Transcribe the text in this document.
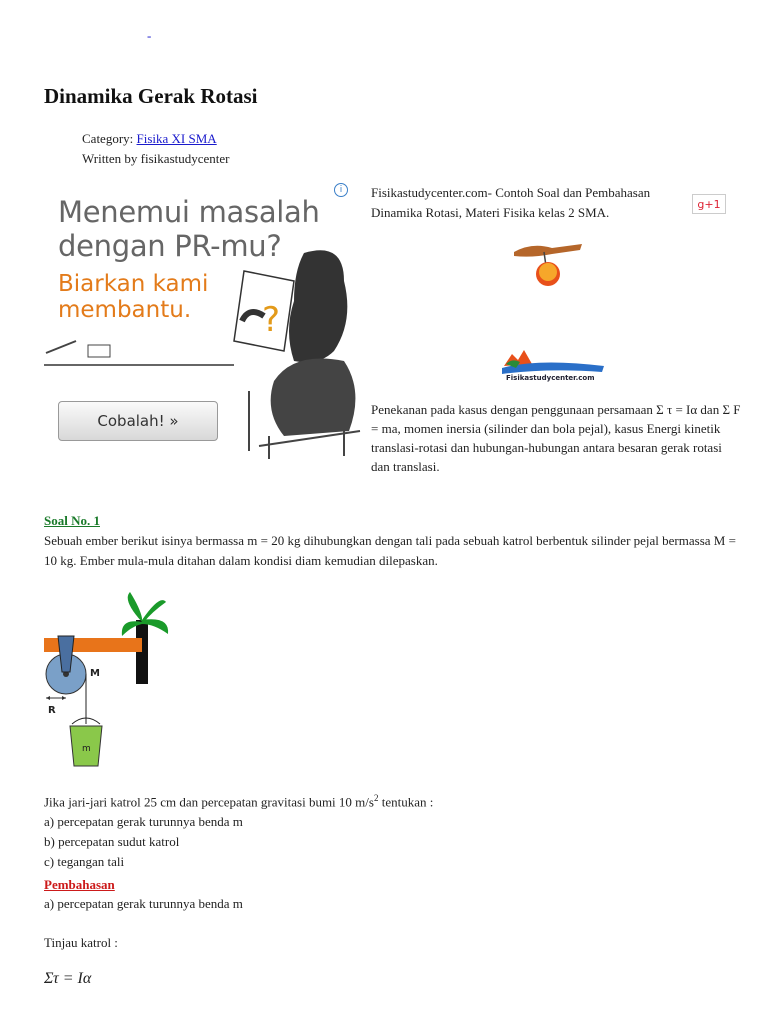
-
Dinamika Gerak Rotasi
Category: Fisika XI SMA
Written by fisikastudycenter
i
Menemui masalah dengan PR-mu?
Biarkan kami membantu.	?
Cobalah! »
Fisikastudycenter.com- Contoh Soal dan Pembahasan Dinamika Rotasi, Materi Fisika kelas 2 SMA.
g+1
Fisikastudycenter.com
Penekanan pada kasus dengan penggunaan persamaan Σ τ = Iα dan Σ F = ma, momen inersia (silinder dan bola pejal), kasus Energi kinetik translasi-rotasi dan hubungan-hubungan antara besaran gerak rotasi dan translasi.
Soal No. 1
Sebuah ember berikut isinya bermassa m = 20 kg dihubungkan dengan tali pada sebuah katrol berbentuk silinder pejal bermassa M = 10 kg. Ember mula-mula ditahan dalam kondisi diam kemudian dilepaskan.
M
R
m
Jika jari-jari katrol 25 cm dan percepatan gravitasi bumi 10 $m/s^2$ tentukan :
a) percepatan gerak turunnya benda m
b) percepatan sudut katrol
c) tegangan tali
Pembahasan
a) percepatan gerak turunnya benda m
Tinjau katrol :
Στ = Iα
